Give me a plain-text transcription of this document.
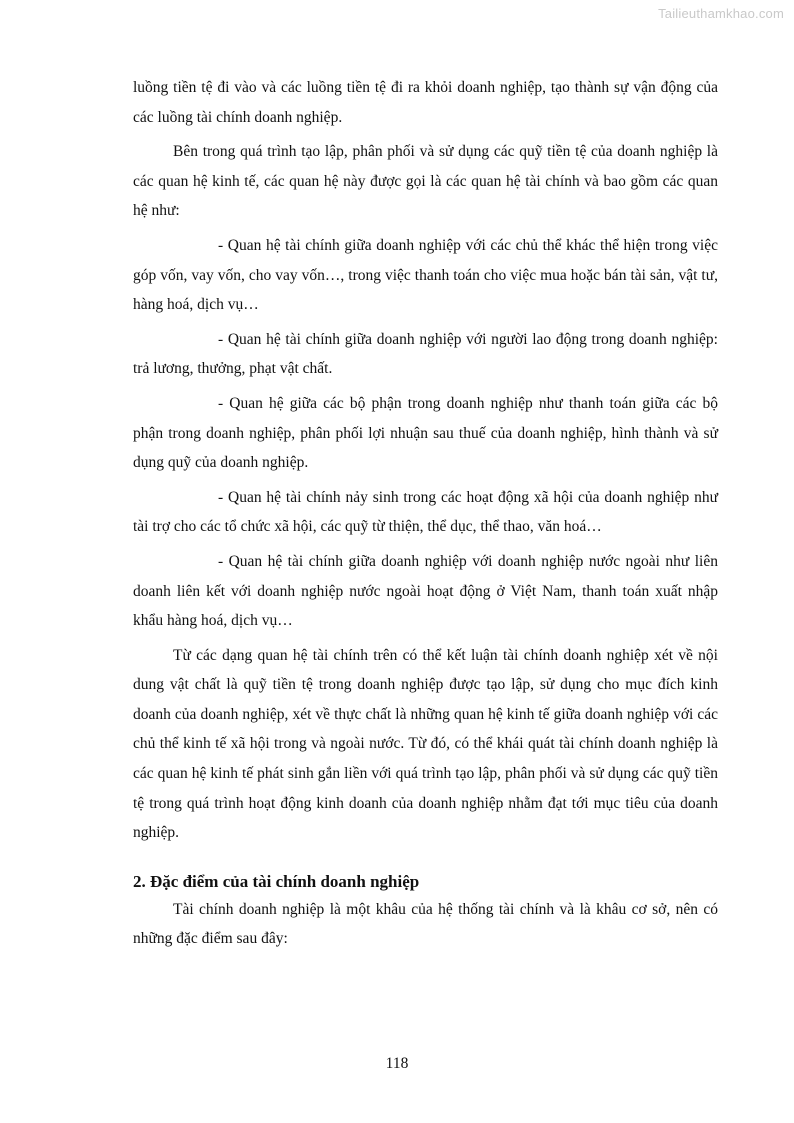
Tailieuthamkhao.com

luồng tiền tệ đi vào và các luồng tiền tệ đi ra khỏi doanh nghiệp, tạo thành sự vận động của các luồng tài chính doanh nghiệp.

Bên trong quá trình tạo lập, phân phối và sử dụng các quỹ tiền tệ của doanh nghiệp là các quan hệ kinh tế, các quan hệ này được gọi là các quan hệ tài chính và bao gồm các quan hệ như:

- Quan hệ tài chính giữa doanh nghiệp với các chủ thể khác thể hiện trong việc góp vốn, vay vốn, cho vay vốn…, trong việc thanh toán cho việc mua hoặc bán tài sản, vật tư, hàng hoá, dịch vụ…

- Quan hệ tài chính giữa doanh nghiệp với người lao động trong doanh nghiệp: trả lương, thưởng, phạt vật chất.

- Quan hệ giữa các bộ phận trong doanh nghiệp như thanh toán giữa các bộ phận trong doanh nghiệp, phân phối lợi nhuận sau thuế của doanh nghiệp, hình thành và sử dụng quỹ của doanh nghiệp.

- Quan hệ tài chính nảy sinh trong các hoạt động xã hội của doanh nghiệp như tài trợ cho các tổ chức xã hội, các quỹ từ thiện, thể dục, thể thao, văn hoá…

- Quan hệ tài chính giữa doanh nghiệp với doanh nghiệp nước ngoài như liên doanh liên kết với doanh nghiệp nước ngoài hoạt động ở Việt Nam, thanh toán xuất nhập khẩu hàng hoá, dịch vụ…

Từ các dạng quan hệ tài chính trên có thể kết luận tài chính doanh nghiệp xét về nội dung vật chất là quỹ tiền tệ trong doanh nghiệp được tạo lập, sử dụng cho mục đích kinh doanh của doanh nghiệp, xét về thực chất là những quan hệ kinh tế giữa doanh nghiệp với các chủ thể kinh tế xã hội trong và ngoài nước. Từ đó, có thể khái quát tài chính doanh nghiệp là các quan hệ kinh tế phát sinh gắn liền với quá trình tạo lập, phân phối và sử dụng các quỹ tiền tệ trong quá trình hoạt động kinh doanh của doanh nghiệp nhằm đạt tới mục tiêu của doanh nghiệp.

2. Đặc điểm của tài chính doanh nghiệp

Tài chính doanh nghiệp là một khâu của hệ thống tài chính và là khâu cơ sở, nên có những đặc điểm sau đây:

118
